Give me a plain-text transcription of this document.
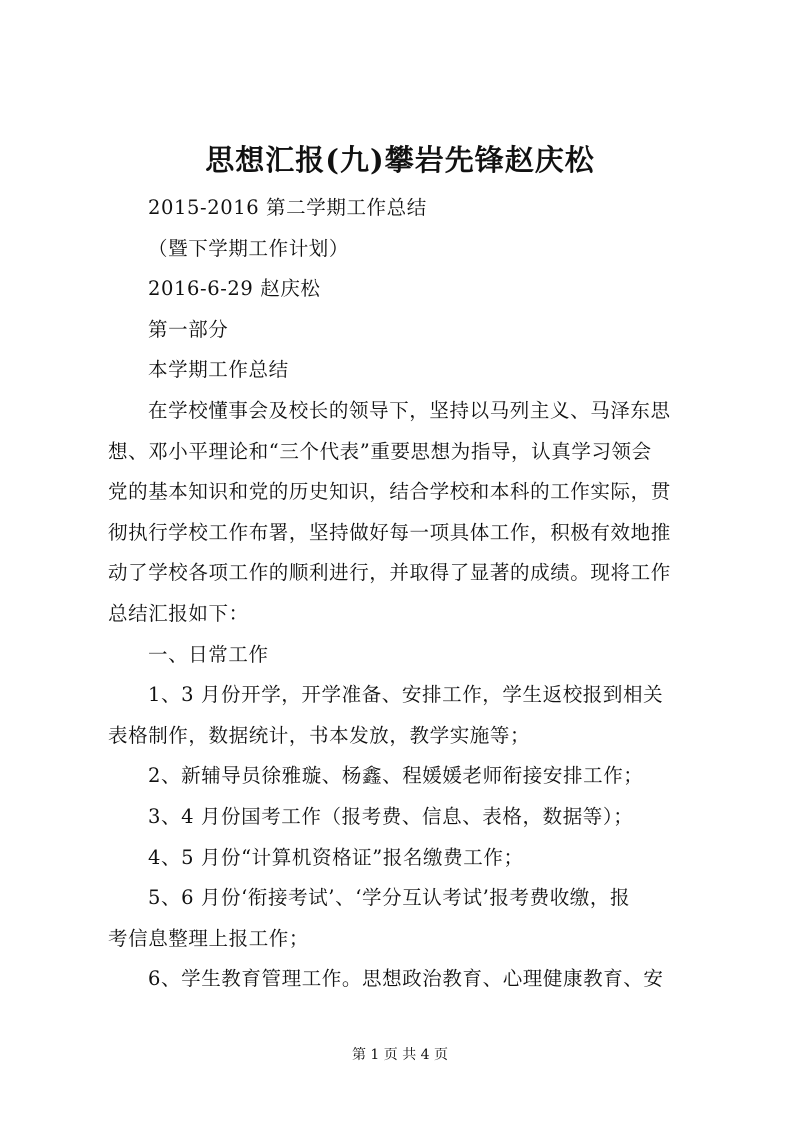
思想汇报(九)攀岩先锋赵庆松
2015-2016 第二学期工作总结
（暨下学期工作计划）
2016-6-29 赵庆松
第一部分
本学期工作总结
在学校懂事会及校长的领导下，坚持以马列主义、马泽东思
想、邓小平理论和“三个代表”重要思想为指导，认真学习领会
党的基本知识和党的历史知识，结合学校和本科的工作实际，贯
彻执行学校工作布署，坚持做好每一项具体工作，积极有效地推
动了学校各项工作的顺利进行，并取得了显著的成绩。现将工作
总结汇报如下：
一、日常工作
1、3 月份开学，开学准备、安排工作，学生返校报到相关
表格制作，数据统计，书本发放，教学实施等；
2、新辅导员徐雅璇、杨鑫、程媛媛老师衔接安排工作；
3、4 月份国考工作（报考费、信息、表格，数据等）；
4、5 月份“计算机资格证”报名缴费工作；
5、6 月份‘衔接考试’、‘学分互认考试’报考费收缴，报
考信息整理上报工作；
6、学生教育管理工作。思想政治教育、心理健康教育、安
第 1 页 共 4 页
